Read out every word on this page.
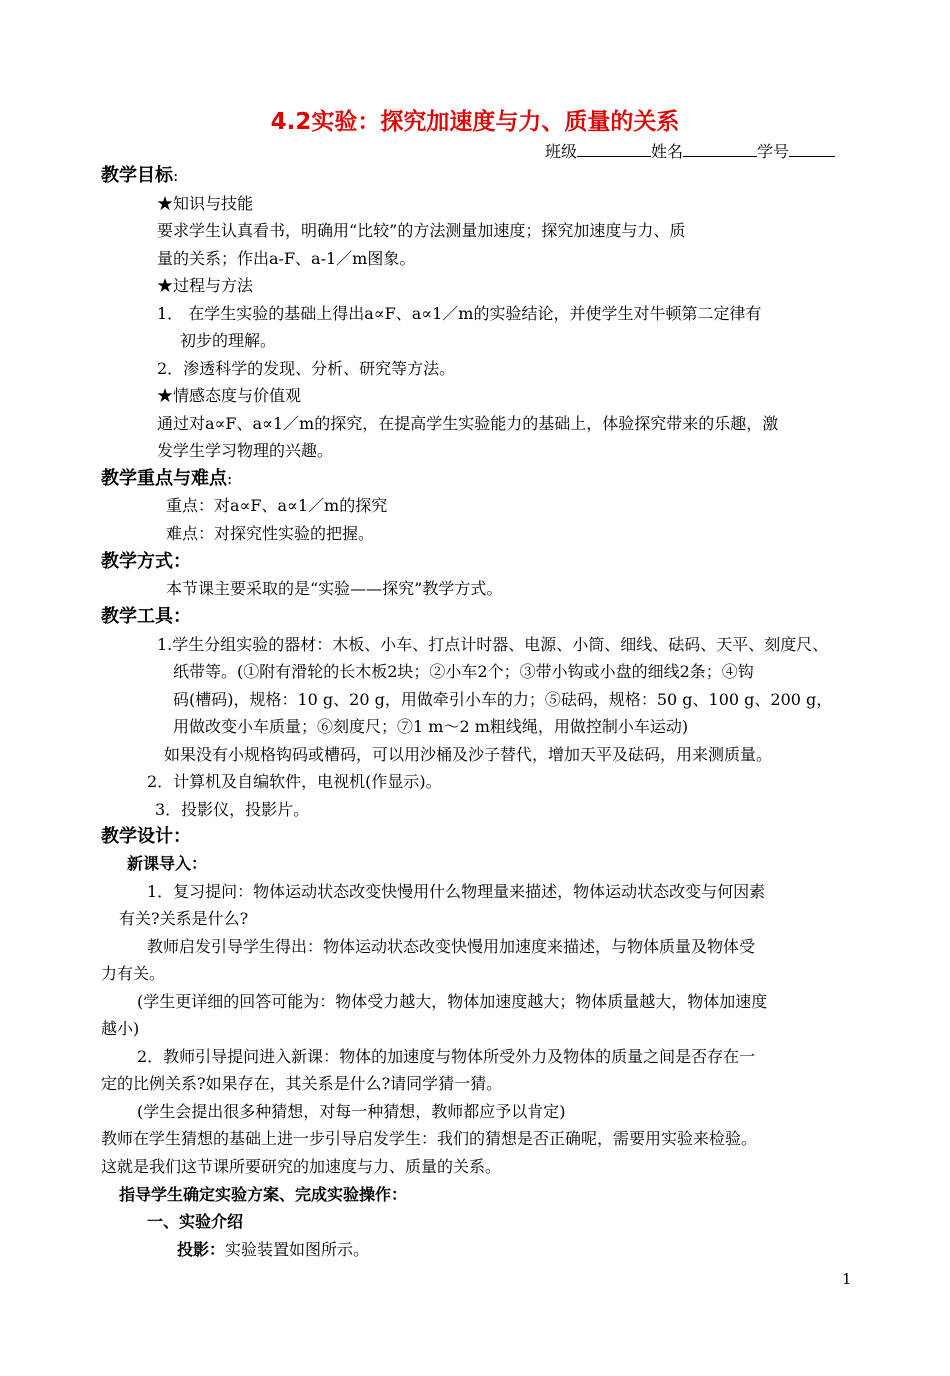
4.2实验：探究加速度与力、质量的关系
班级	姓名	学号
教学目标:
★知识与技能
要求学生认真看书，明确用“比较”的方法测量加速度；探究加速度与力、质
量的关系；作出a-F、a-1／m图象。
★过程与方法
1． 在学生实验的基础上得出a∝F、a∝1／m的实验结论，并使学生对牛顿第二定律有
初步的理解。
2．渗透科学的发现、分析、研究等方法。
★情感态度与价值观
通过对a∝F、a∝1／m的探究，在提高学生实验能力的基础上，体验探究带来的乐趣，激
发学生学习物理的兴趣。
教学重点与难点:
重点：对a∝F、a∝1／m的探究
难点：对探究性实验的把握。
教学方式：
本节课主要采取的是“实验——探究”教学方式。
教学工具：
1.学生分组实验的器材：木板、小车、打点计时器、电源、小筒、细线、砝码、天平、刻度尺、
纸带等。(①附有滑轮的长木板2块；②小车2个；③带小钩或小盘的细线2条；④钩
码(槽码)，规格：10 g、20 g，用做牵引小车的力；⑤砝码，规格：50 g、100 g、200 g，
用做改变小车质量；⑥刻度尺；⑦1 m～2 m粗线绳，用做控制小车运动)
如果没有小规格钩码或槽码，可以用沙桶及沙子替代，增加天平及砝码，用来测质量。
2．计算机及自编软件，电视机(作显示)。
3．投影仪，投影片。
教学设计：
新课导入：
1．复习提问：物体运动状态改变快慢用什么物理量来描述，物体运动状态改变与何因素
有关?关系是什么?
教师启发引导学生得出：物体运动状态改变快慢用加速度来描述，与物体质量及物体受
力有关。
(学生更详细的回答可能为：物体受力越大，物体加速度越大；物体质量越大，物体加速度
越小)
2．教师引导提问进入新课：物体的加速度与物体所受外力及物体的质量之间是否存在一
定的比例关系?如果存在，其关系是什么?请同学猜一猜。
(学生会提出很多种猜想，对每一种猜想，教师都应予以肯定)
教师在学生猜想的基础上进一步引导启发学生：我们的猜想是否正确呢，需要用实验来检验。
这就是我们这节课所要研究的加速度与力、质量的关系。
指导学生确定实验方案、完成实验操作：
一、实验介绍
投影：实验装置如图所示。
1
